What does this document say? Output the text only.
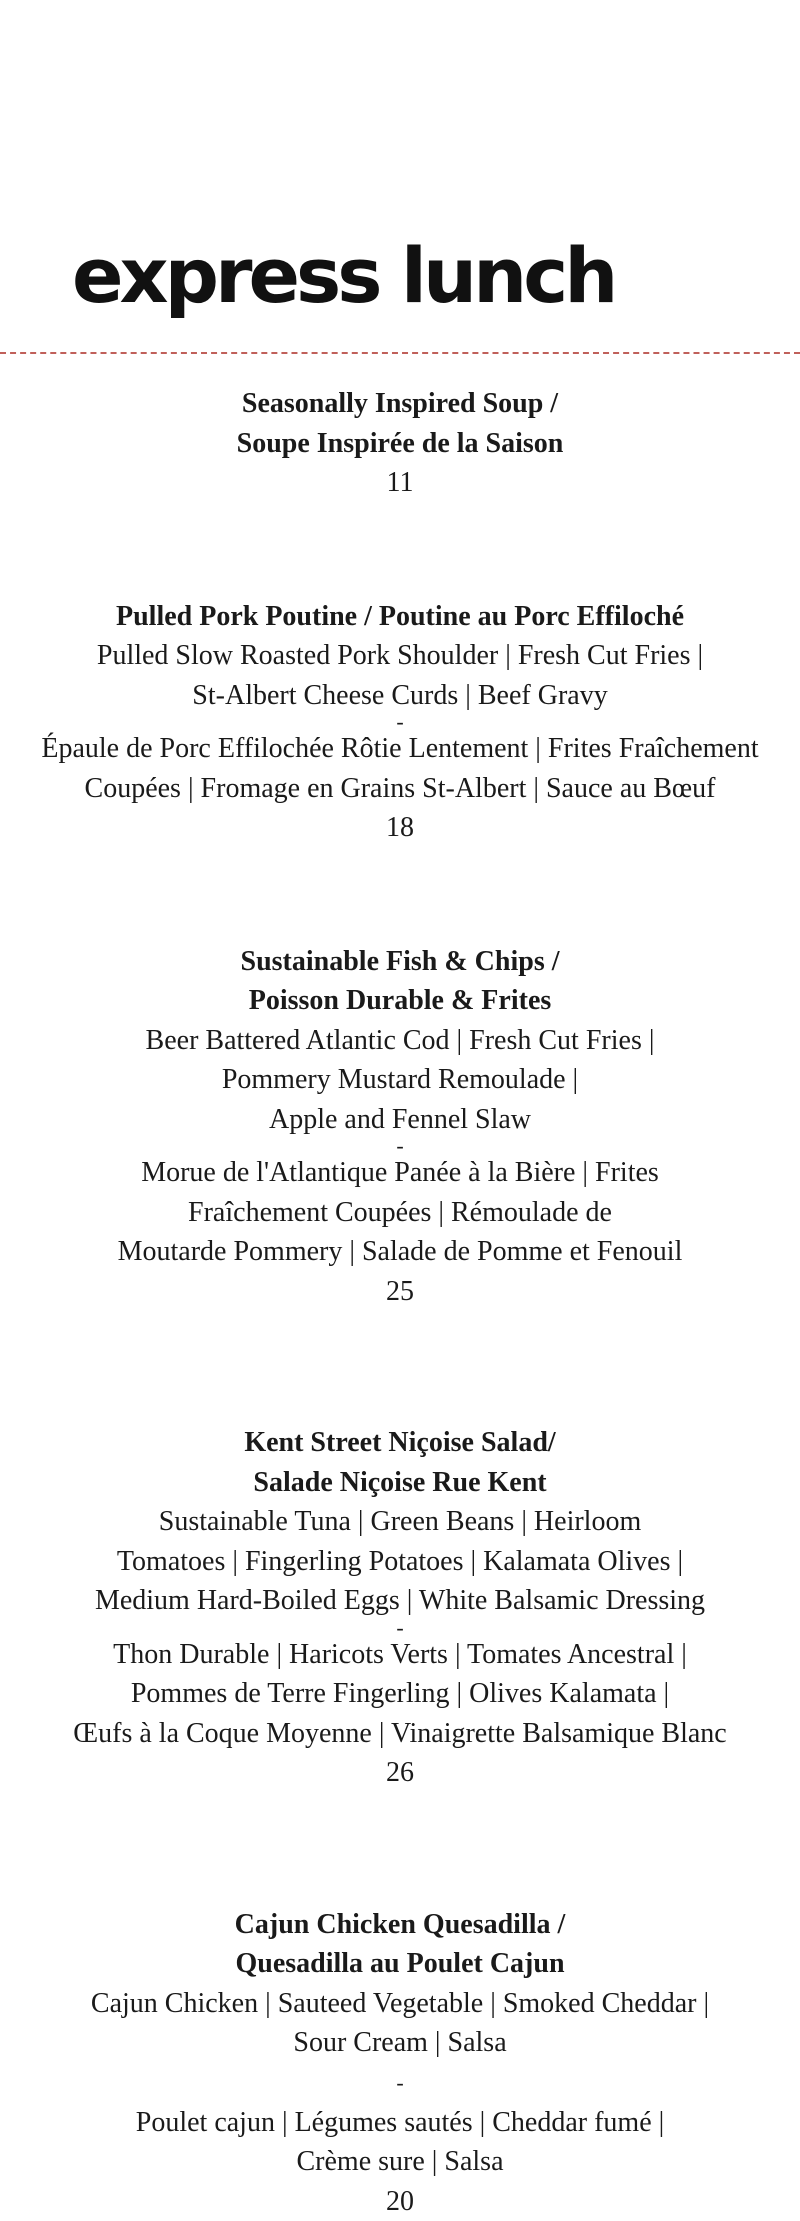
express lunch
Seasonally Inspired Soup /
Soupe Inspirée de la Saison
11
Pulled Pork Poutine / Poutine au Porc Effiloché
Pulled Slow Roasted Pork Shoulder | Fresh Cut Fries |
St-Albert Cheese Curds | Beef Gravy
-
Épaule de Porc Effilochée Rôtie Lentement | Frites Fraîchement
Coupées | Fromage en Grains St-Albert | Sauce au Bœuf
18
Sustainable Fish & Chips /
Poisson Durable & Frites
Beer Battered Atlantic Cod | Fresh Cut Fries |
Pommery Mustard Remoulade |
Apple and Fennel Slaw
-
Morue de l'Atlantique Panée à la Bière | Frites
Fraîchement Coupées | Rémoulade de
Moutarde Pommery | Salade de Pomme et Fenouil
25
Kent Street Niçoise Salad/
Salade Niçoise Rue Kent
Sustainable Tuna | Green Beans | Heirloom
Tomatoes | Fingerling Potatoes | Kalamata Olives |
Medium Hard-Boiled Eggs | White Balsamic Dressing
-
Thon Durable | Haricots Verts | Tomates Ancestral |
Pommes de Terre Fingerling | Olives Kalamata |
Œufs à la Coque Moyenne | Vinaigrette Balsamique Blanc
26
Cajun Chicken Quesadilla /
Quesadilla au Poulet Cajun
Cajun Chicken | Sauteed Vegetable | Smoked Cheddar |
Sour Cream | Salsa
-
Poulet cajun | Légumes sautés | Cheddar fumé |
Crème sure | Salsa
20
